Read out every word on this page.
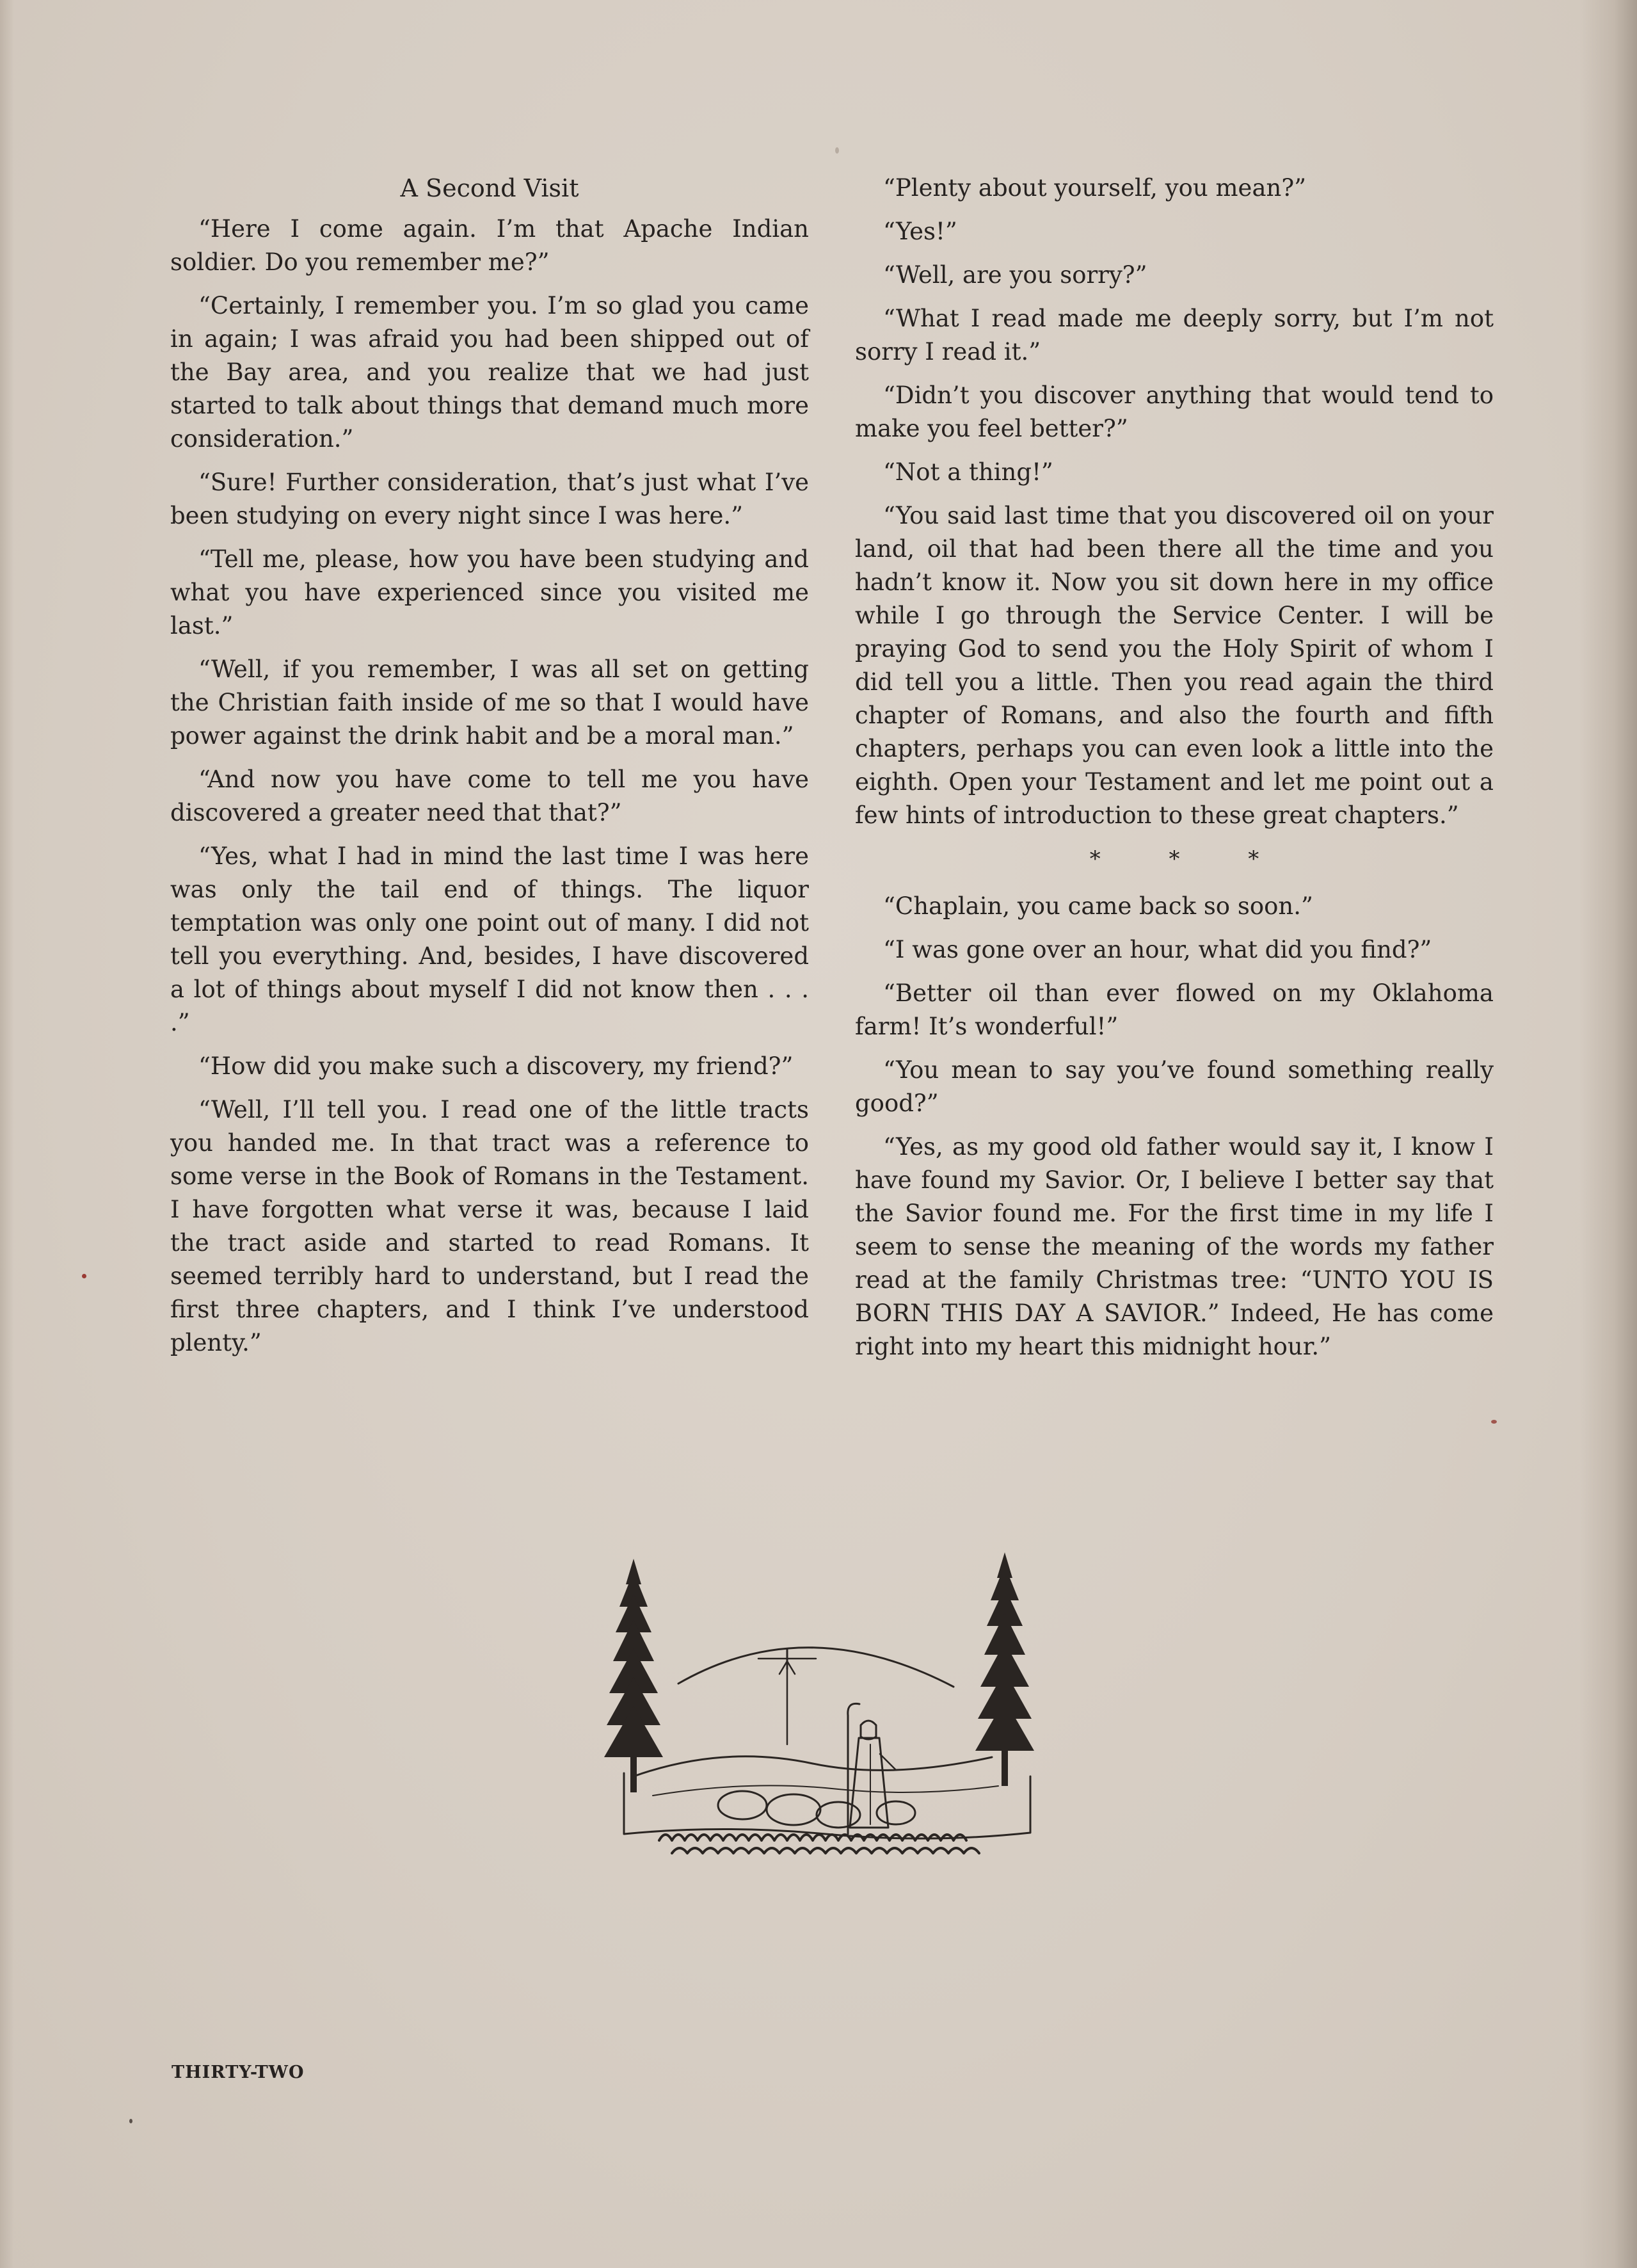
A Second Visit

“Here I come again. I’m that Apache Indian soldier. Do you remember me?”

“Certainly, I remember you. I’m so glad you came in again; I was afraid you had been shipped out of the Bay area, and you realize that we had just started to talk about things that demand much more consideration.”

“Sure! Further consideration, that’s just what I’ve been studying on every night since I was here.”

“Tell me, please, how you have been studying and what you have experienced since you visited me last.”

“Well, if you remember, I was all set on getting the Christian faith inside of me so that I would have power against the drink habit and be a moral man.”

“And now you have come to tell me you have discovered a greater need that that?”

“Yes, what I had in mind the last time I was here was only the tail end of things. The liquor temptation was only one point out of many. I did not tell you everything. And, besides, I have discovered a lot of things about myself I did not know then . . . .”

“How did you make such a discovery, my friend?”

“Well, I’ll tell you. I read one of the little tracts you handed me. In that tract was a reference to some verse in the Book of Romans in the Testament. I have forgotten what verse it was, because I laid the tract aside and started to read Romans. It seemed terribly hard to understand, but I read the first three chapters, and I think I’ve understood plenty.”

“Plenty about yourself, you mean?”

“Yes!”

“Well, are you sorry?”

“What I read made me deeply sorry, but I’m not sorry I read it.”

“Didn’t you discover anything that would tend to make you feel better?”

“Not a thing!”

“You said last time that you discovered oil on your land, oil that had been there all the time and you hadn’t know it. Now you sit down here in my office while I go through the Service Center. I will be praying God to send you the Holy Spirit of whom I did tell you a little. Then you read again the third chapter of Romans, and also the fourth and fifth chapters, perhaps you can even look a little into the eighth. Open your Testament and let me point out a few hints of introduction to these great chapters.”

* * *

“Chaplain, you came back so soon.”

“I was gone over an hour, what did you find?”

“Better oil than ever flowed on my Oklahoma farm! It’s wonderful!”

“You mean to say you’ve found something really good?”

“Yes, as my good old father would say it, I know I have found my Savior. Or, I believe I better say that the Savior found me. For the first time in my life I seem to sense the meaning of the words my father read at the family Christmas tree: “UNTO YOU IS BORN THIS DAY A SAVIOR.” Indeed, He has come right into my heart this midnight hour.”

THIRTY-TWO
